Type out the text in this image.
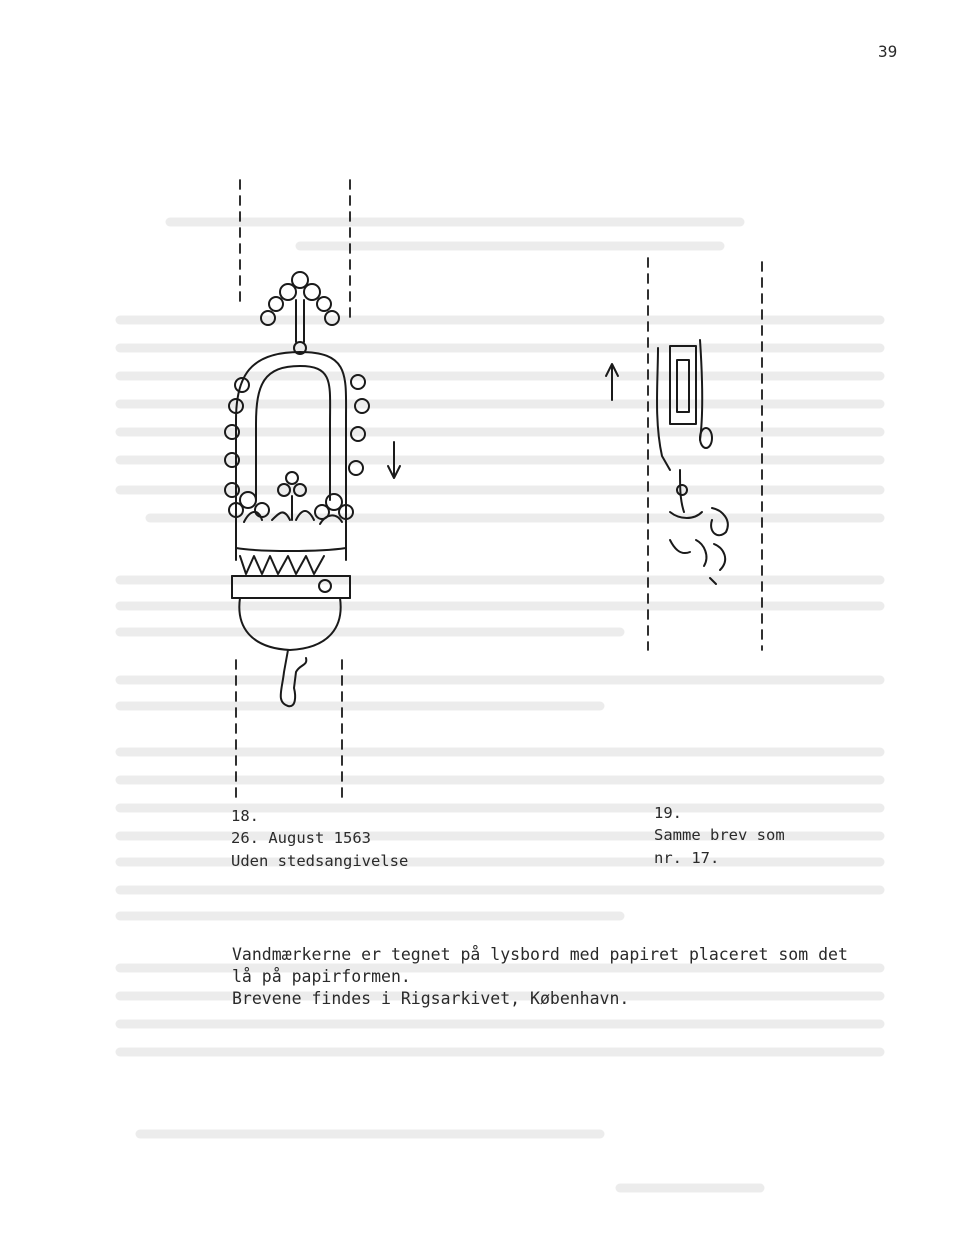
39
18.
26. August 1563
Uden stedsangivelse
19.
Samme brev som
nr. 17.
Vandmærkerne er tegnet på lysbord med papiret placeret som det
lå på papirformen.
Brevene findes i Rigsarkivet, København.
